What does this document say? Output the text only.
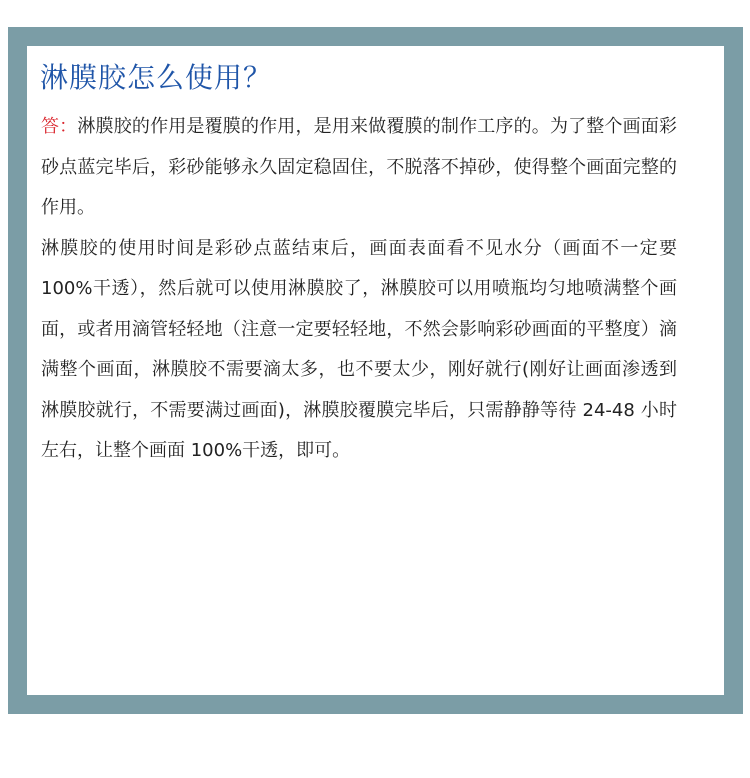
淋膜胶怎么使用？

答：淋膜胶的作用是覆膜的作用，是用来做覆膜的制作工序的。为了整个画面彩砂点蓝完毕后，彩砂能够永久固定稳固住，不脱落不掉砂，使得整个画面完整的作用。

淋膜胶的使用时间是彩砂点蓝结束后，画面表面看不见水分（画面不一定要 100%干透），然后就可以使用淋膜胶了，淋膜胶可以用喷瓶均匀地喷满整个画面，或者用滴管轻轻地（注意一定要轻轻地，不然会影响彩砂画面的平整度）滴满整个画面，淋膜胶不需要滴太多，也不要太少，刚好就行(刚好让画面渗透到淋膜胶就行，不需要满过画面)，淋膜胶覆膜完毕后，只需静静等待 24-48 小时左右，让整个画面 100%干透，即可。
